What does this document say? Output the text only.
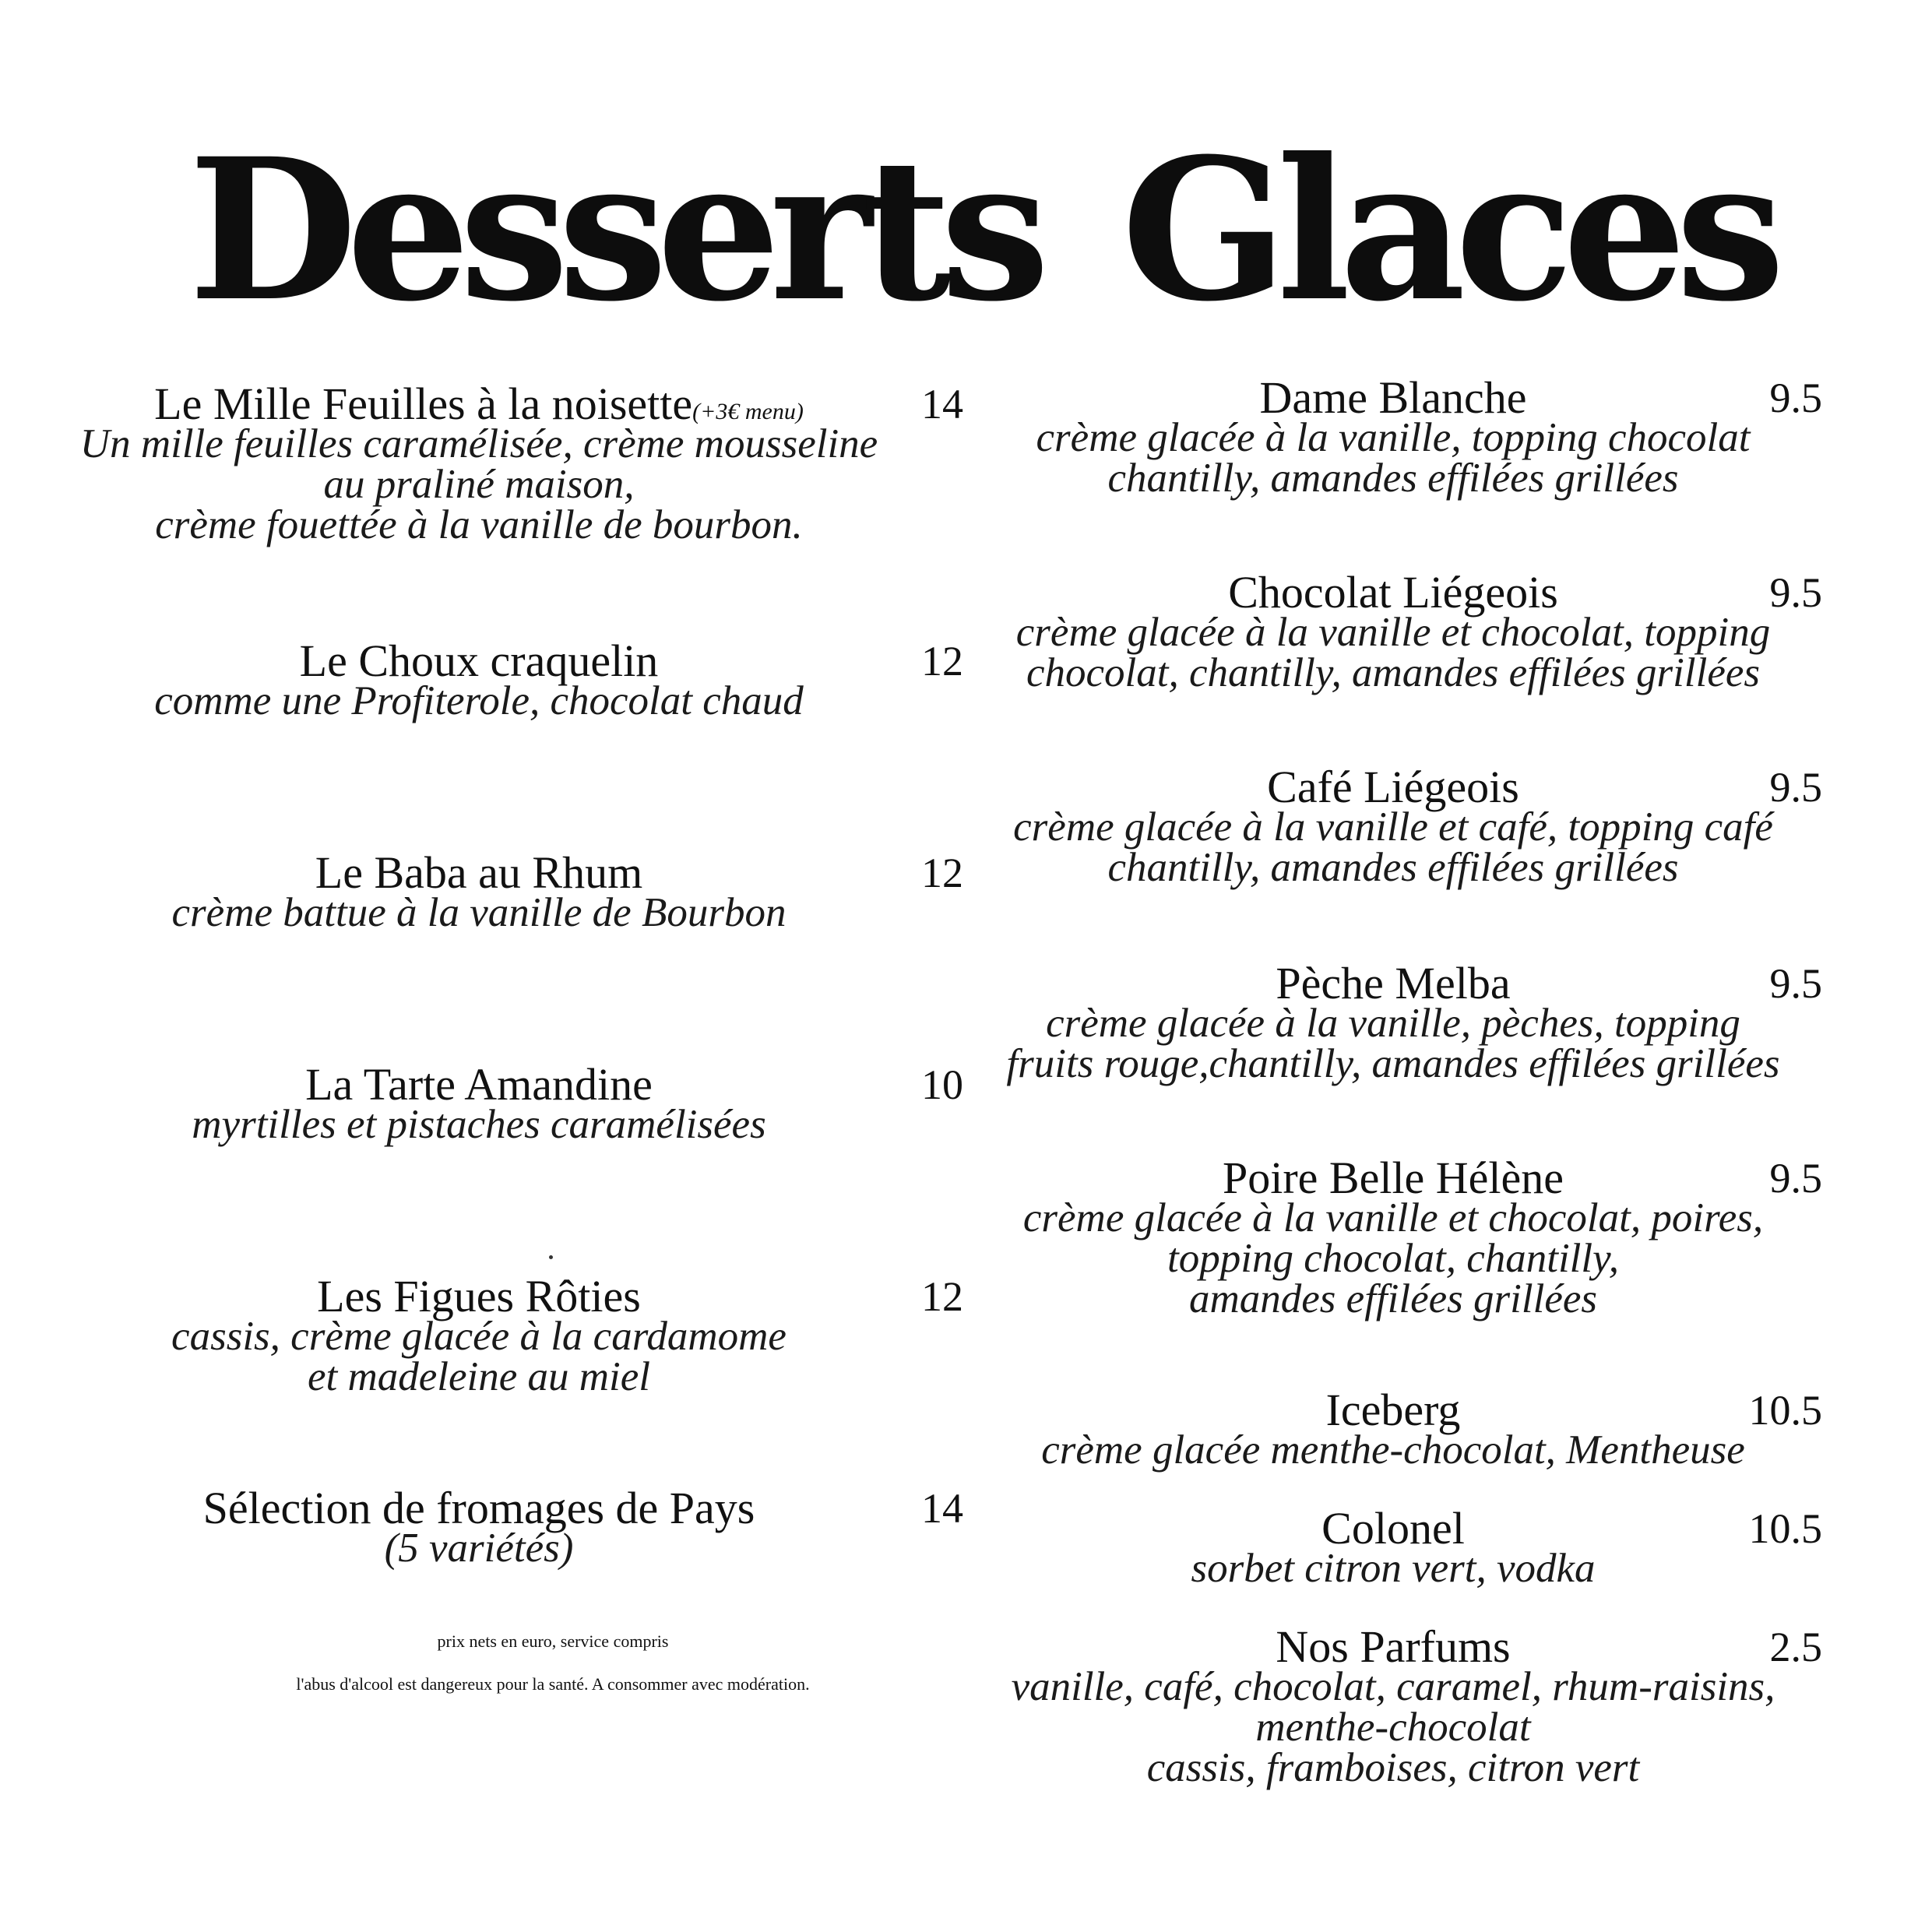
Desserts Glaces
Le Mille Feuilles à la noisette(+3€ menu)	14
Un mille feuilles caramélisée, crème mousseline
au praliné maison,
crème fouettée à la vanille de bourbon.
Le Choux craquelin	12
comme une Profiterole, chocolat chaud
Le Baba au Rhum	12
crème battue à la vanille de Bourbon
La Tarte Amandine	10
myrtilles et pistaches caramélisées
Les Figues Rôties	12
cassis, crème glacée à la cardamome
et madeleine au miel
Sélection de fromages de Pays	14
(5 variétés)
prix nets en euro, service compris
l'abus d'alcool est dangereux pour la santé. A consommer avec modération.
Dame Blanche	9.5
crème glacée à la vanille, topping chocolat
chantilly, amandes effilées grillées
Chocolat Liégeois	9.5
crème glacée à la vanille et chocolat, topping
chocolat, chantilly, amandes effilées grillées
Café Liégeois	9.5
crème glacée à la vanille et café, topping café
chantilly, amandes effilées grillées
Pèche Melba	9.5
crème glacée à la vanille, pèches, topping
fruits rouge,chantilly, amandes effilées grillées
Poire Belle Hélène	9.5
crème glacée à la vanille et chocolat, poires,
topping chocolat, chantilly,
amandes effilées grillées
Iceberg	10.5
crème glacée menthe-chocolat, Mentheuse
Colonel	10.5
sorbet citron vert, vodka
Nos Parfums	2.5
vanille, café, chocolat, caramel, rhum-raisins,
menthe-chocolat
cassis, framboises, citron vert
